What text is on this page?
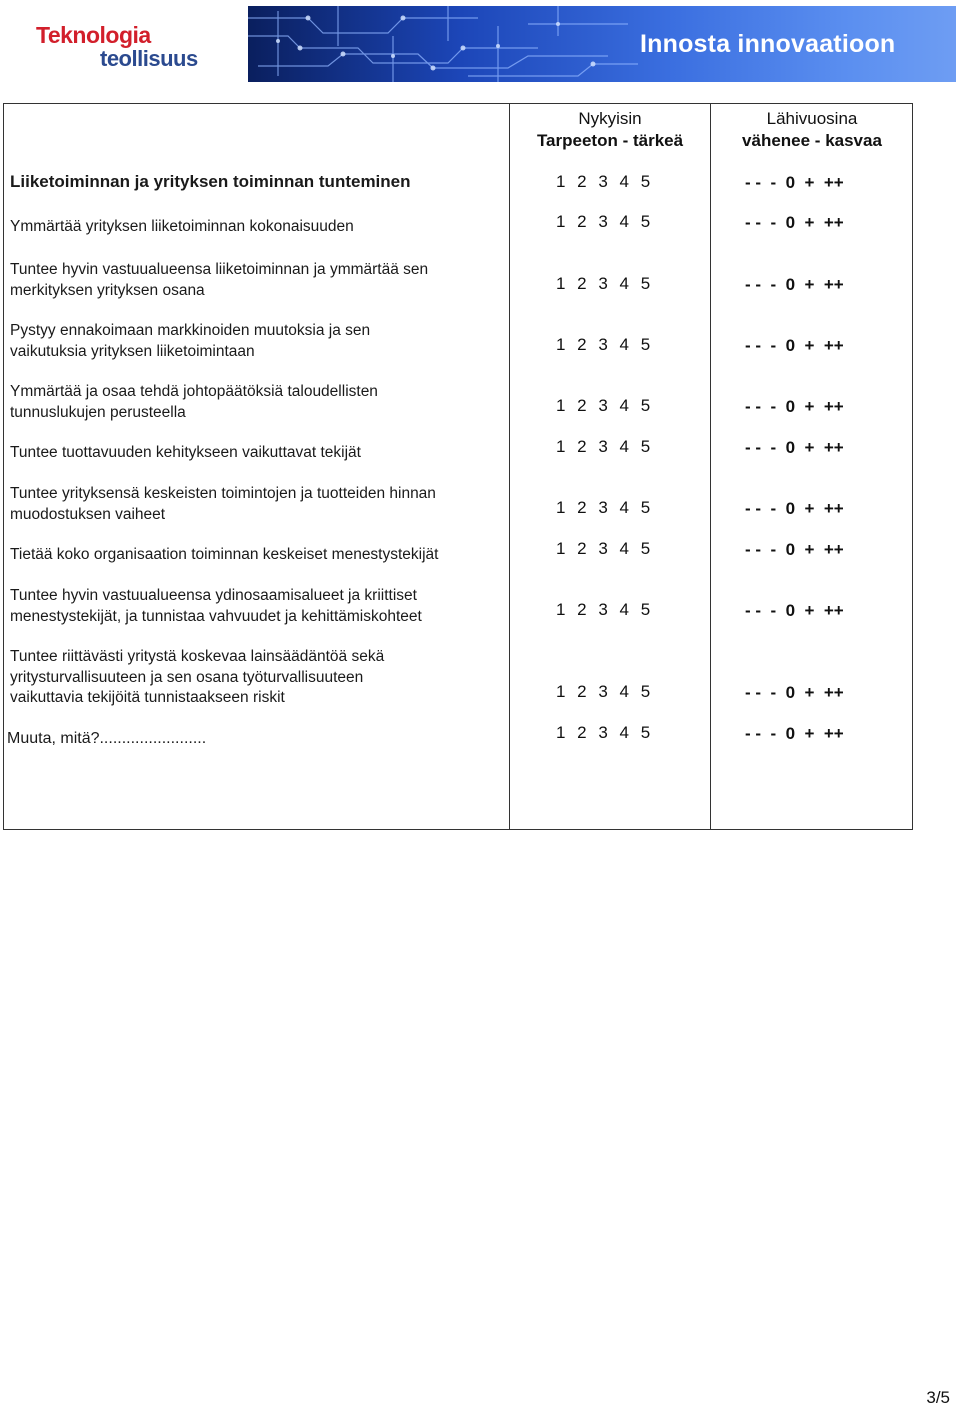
Teknologia
teollisuus
Innosta innovaatioon
Nykyisin
Tarpeeton - tärkeä
Lähivuosina
vähenee - kasvaa
Liiketoiminnan ja yrityksen toiminnan tunteminen	1 2 3 4 5	- -  -  0  +  ++
Ymmärtää yrityksen liiketoiminnan kokonaisuuden	1 2 3 4 5	- -  -  0  +  ++
Tuntee hyvin vastuualueensa liiketoiminnan ja ymmärtää sen
merkityksen yrityksen osana	1 2 3 4 5	- -  -  0  +  ++
Pystyy ennakoimaan markkinoiden muutoksia ja sen
vaikutuksia yrityksen liiketoimintaan	1 2 3 4 5	- -  -  0  +  ++
Ymmärtää ja osaa tehdä johtopäätöksiä taloudellisten
tunnuslukujen perusteella	1 2 3 4 5	- -  -  0  +  ++
Tuntee tuottavuuden kehitykseen vaikuttavat tekijät	1 2 3 4 5	- -  -  0  +  ++
Tuntee yrityksensä keskeisten toimintojen ja tuotteiden hinnan
muodostuksen vaiheet	1 2 3 4 5	- -  -  0  +  ++
Tietää koko organisaation toiminnan keskeiset menestystekijät	1 2 3 4 5	- -  -  0  +  ++
Tuntee hyvin vastuualueensa ydinosaamisalueet ja kriittiset
menestystekijät, ja tunnistaa vahvuudet ja kehittämiskohteet	1 2 3 4 5	- -  -  0  +  ++
Tuntee riittävästi yritystä koskevaa lainsäädäntöä sekä
yritysturvallisuuteen ja sen osana työturvallisuuteen
vaikuttavia tekijöitä tunnistaakseen riskit	1 2 3 4 5	- -  -  0  +  ++
Muuta, mitä?........................	1 2 3 4 5	- -  -  0  +  ++
3/5
